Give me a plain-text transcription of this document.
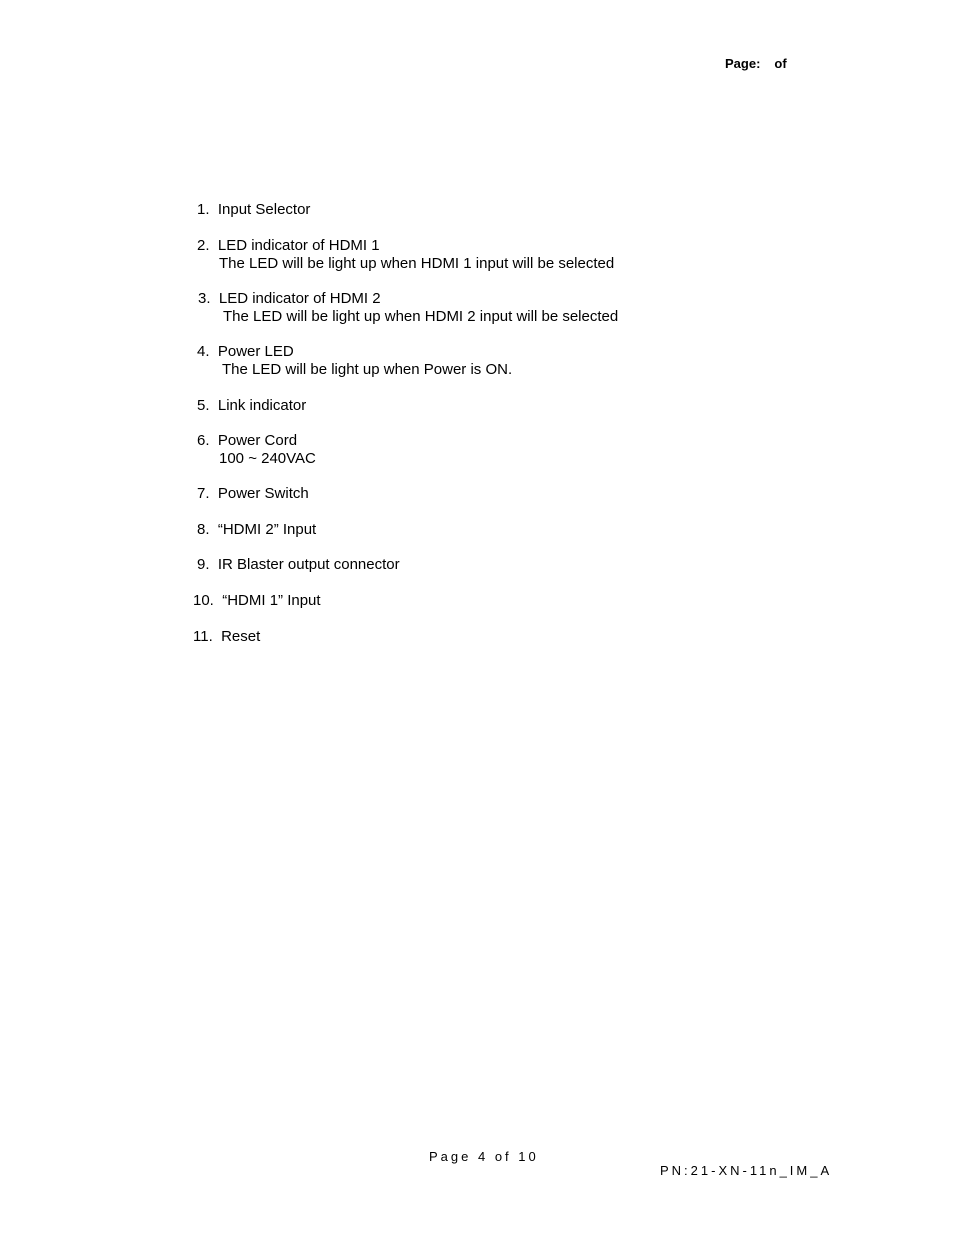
Page: of
1. Input Selector
2. LED indicator of HDMI 1
The LED will be light up when HDMI 1 input will be selected
3. LED indicator of HDMI 2
The LED will be light up when HDMI 2 input will be selected
4. Power LED
The LED will be light up when Power is ON.
5. Link indicator
6. Power Cord
100 ~ 240VAC
7. Power Switch
8. “HDMI 2” Input
9. IR Blaster output connector
10. “HDMI 1” Input
11. Reset
Page 4 of 10
PN:21-XN-11n_IM_A
